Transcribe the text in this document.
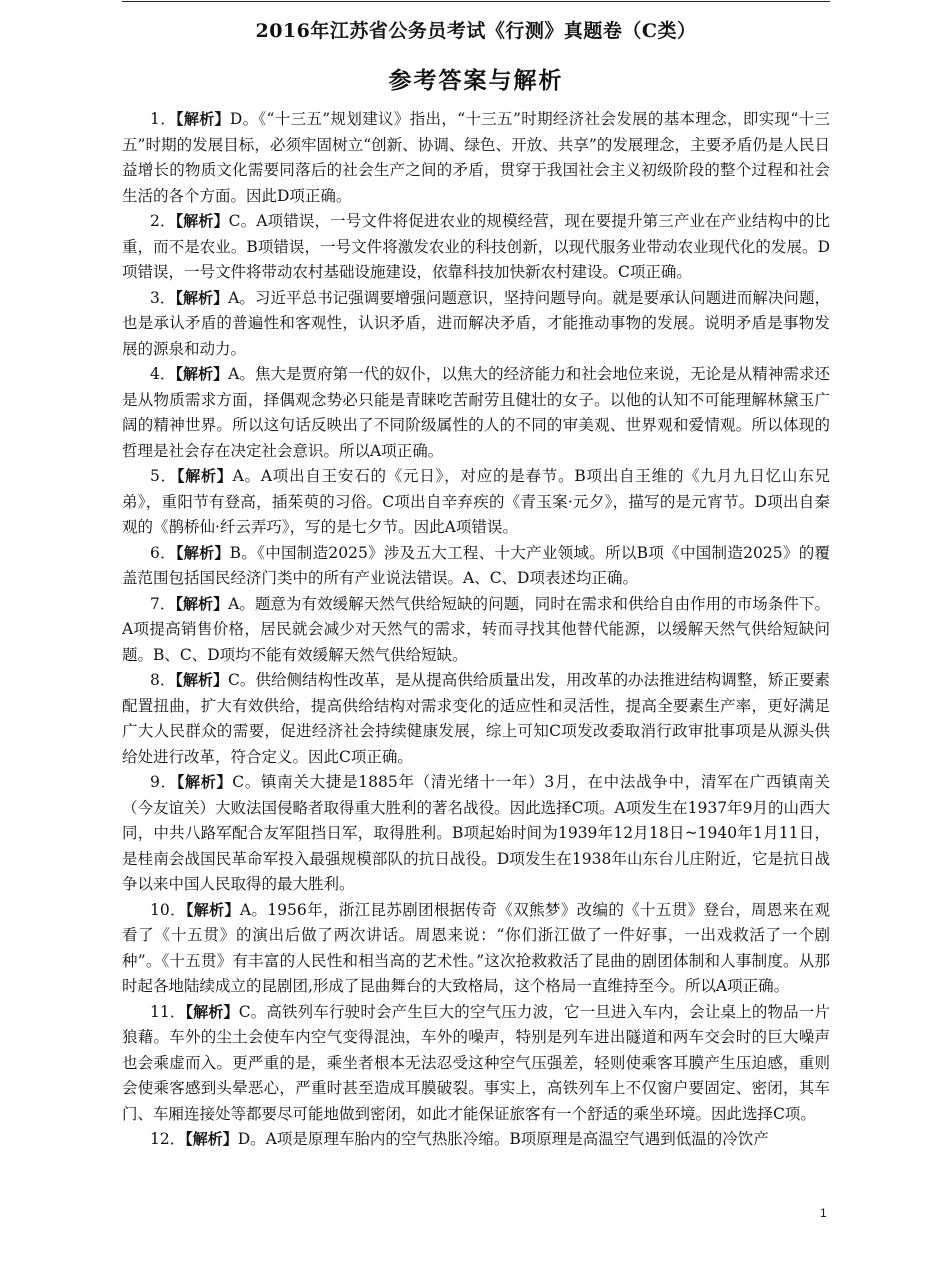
2016年江苏省公务员考试《行测》真题卷（C类）
参考答案与解析

1．【解析】D。《“十三五”规划建议》指出，“十三五”时期经济社会发展的基本理念，即实现“十三五”时期的发展目标，必须牢固树立“创新、协调、绿色、开放、共享”的发展理念，主要矛盾仍是人民日益增长的物质文化需要同落后的社会生产之间的矛盾，贯穿于我国社会主义初级阶段的整个过程和社会生活的各个方面。因此D项正确。

2．【解析】C。A项错误，一号文件将促进农业的规模经营，现在要提升第三产业在产业结构中的比重，而不是农业。B项错误，一号文件将激发农业的科技创新，以现代服务业带动农业现代化的发展。D项错误，一号文件将带动农村基础设施建设，依靠科技加快新农村建设。C项正确。

3．【解析】A。习近平总书记强调要增强问题意识，坚持问题导向。就是要承认问题进而解决问题，也是承认矛盾的普遍性和客观性，认识矛盾，进而解决矛盾，才能推动事物的发展。说明矛盾是事物发展的源泉和动力。

4．【解析】A。焦大是贾府第一代的奴仆，以焦大的经济能力和社会地位来说，无论是从精神需求还是从物质需求方面，择偶观念势必只能是青睐吃苦耐劳且健壮的女子。以他的认知不可能理解林黛玉广阔的精神世界。所以这句话反映出了不同阶级属性的人的不同的审美观、世界观和爱情观。所以体现的哲理是社会存在决定社会意识。所以A项正确。

5．【解析】A。A项出自王安石的《元日》，对应的是春节。B项出自王维的《九月九日忆山东兄弟》，重阳节有登高，插茱萸的习俗。C项出自辛弃疾的《青玉案·元夕》，描写的是元宵节。D项出自秦观的《鹊桥仙·纤云弄巧》，写的是七夕节。因此A项错误。

6．【解析】B。《中国制造2025》涉及五大工程、十大产业领域。所以B项《中国制造2025》的覆盖范围包括国民经济门类中的所有产业说法错误。A、C、D项表述均正确。

7．【解析】A。题意为有效缓解天然气供给短缺的问题，同时在需求和供给自由作用的市场条件下。A项提高销售价格，居民就会减少对天然气的需求，转而寻找其他替代能源，以缓解天然气供给短缺问题。B、C、D项均不能有效缓解天然气供给短缺。

8．【解析】C。供给侧结构性改革，是从提高供给质量出发，用改革的办法推进结构调整，矫正要素配置扭曲，扩大有效供给，提高供给结构对需求变化的适应性和灵活性，提高全要素生产率，更好满足广大人民群众的需要，促进经济社会持续健康发展，综上可知C项发改委取消行政审批事项是从源头供给处进行改革，符合定义。因此C项正确。

9．【解析】C。镇南关大捷是1885年（清光绪十一年）3月，在中法战争中，清军在广西镇南关（今友谊关）大败法国侵略者取得重大胜利的著名战役。因此选择C项。A项发生在1937年9月的山西大同，中共八路军配合友军阻挡日军，取得胜利。B项起始时间为1939年12月18日~1940年1月11日，是桂南会战国民革命军投入最强规模部队的抗日战役。D项发生在1938年山东台儿庄附近，它是抗日战争以来中国人民取得的最大胜利。

10．【解析】A。1956年，浙江昆苏剧团根据传奇《双熊梦》改编的《十五贯》登台，周恩来在观看了《十五贯》的演出后做了两次讲话。周恩来说：“你们浙江做了一件好事，一出戏救活了一个剧种”。《十五贯》有丰富的人民性和相当高的艺术性。”这次抢救救活了昆曲的剧团体制和人事制度。从那时起各地陆续成立的昆剧团,形成了昆曲舞台的大致格局，这个格局一直维持至今。所以A项正确。

11．【解析】C。高铁列车行驶时会产生巨大的空气压力波，它一旦进入车内，会让桌上的物品一片狼藉。车外的尘土会使车内空气变得混浊，车外的噪声，特别是列车进出隧道和两车交会时的巨大噪声也会乘虚而入。更严重的是，乘坐者根本无法忍受这种空气压强差，轻则使乘客耳膜产生压迫感，重则会使乘客感到头晕恶心，严重时甚至造成耳膜破裂。事实上，高铁列车上不仅窗户要固定、密闭，其车门、车厢连接处等都要尽可能地做到密闭，如此才能保证旅客有一个舒适的乘坐环境。因此选择C项。

12．【解析】D。A项是原理车胎内的空气热胀冷缩。B项原理是高温空气遇到低温的冷饮产

1
